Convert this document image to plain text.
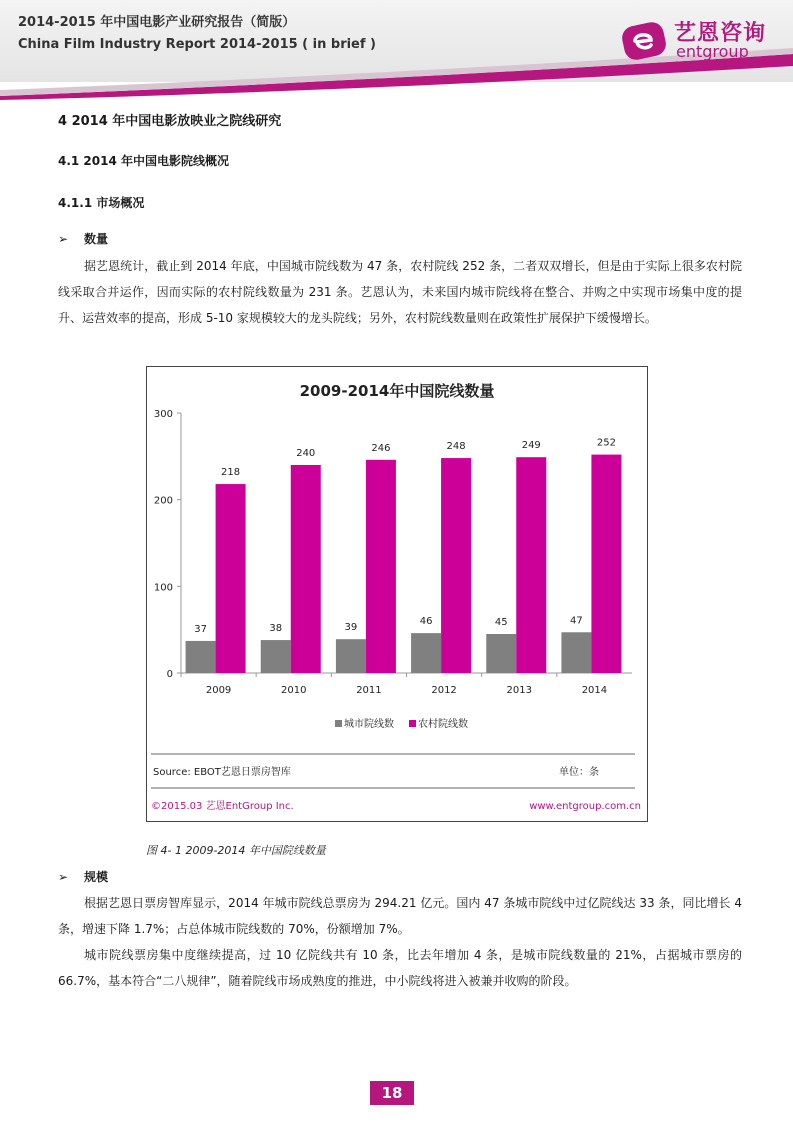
2014-2015 年中国电影产业研究报告（简版）
China Film Industry Report 2014-2015 ( in brief )	艺恩咨询
entgroup
4 2014 年中国电影放映业之院线研究
4.1 2014 年中国电影院线概况
4.1.1 市场概况
➢ 数量
据艺恩统计，截止到 2014 年底，中国城市院线数为 47 条，农村院线 252 条，二者双双增长，但是由于实际上很多农村院线采取合并运作，因而实际的农村院线数量为 231 条。艺恩认为，未来国内城市院线将在整合、并购之中实现市场集中度的提升、运营效率的提高，形成 5-10 家规模较大的龙头院线；另外，农村院线数量则在政策性扩展保护下缓慢增长。
2009-2014年中国院线数量
0
100
200
300
37
218
2009
38
240
2010
39
246
2011
46
248
2012
45
249
2013
47
252
2014
城市院线数 农村院线数
Source: EBOT艺恩日票房智库	单位：条
©2015.03 艺恩EntGroup Inc.	www.entgroup.com.cn
图 4- 1 2009-2014 年中国院线数量
➢ 规模
根据艺恩日票房智库显示，2014 年城市院线总票房为 294.21 亿元。国内 47 条城市院线中过亿院线达 33 条，同比增长 4 条，增速下降 1.7%；占总体城市院线数的 70%，份额增加 7%。
城市院线票房集中度继续提高，过 10 亿院线共有 10 条，比去年增加 4 条，是城市院线数量的 21%，占据城市票房的 66.7%，基本符合“二八规律”，随着院线市场成熟度的推进，中小院线将进入被兼并收购的阶段。
18
